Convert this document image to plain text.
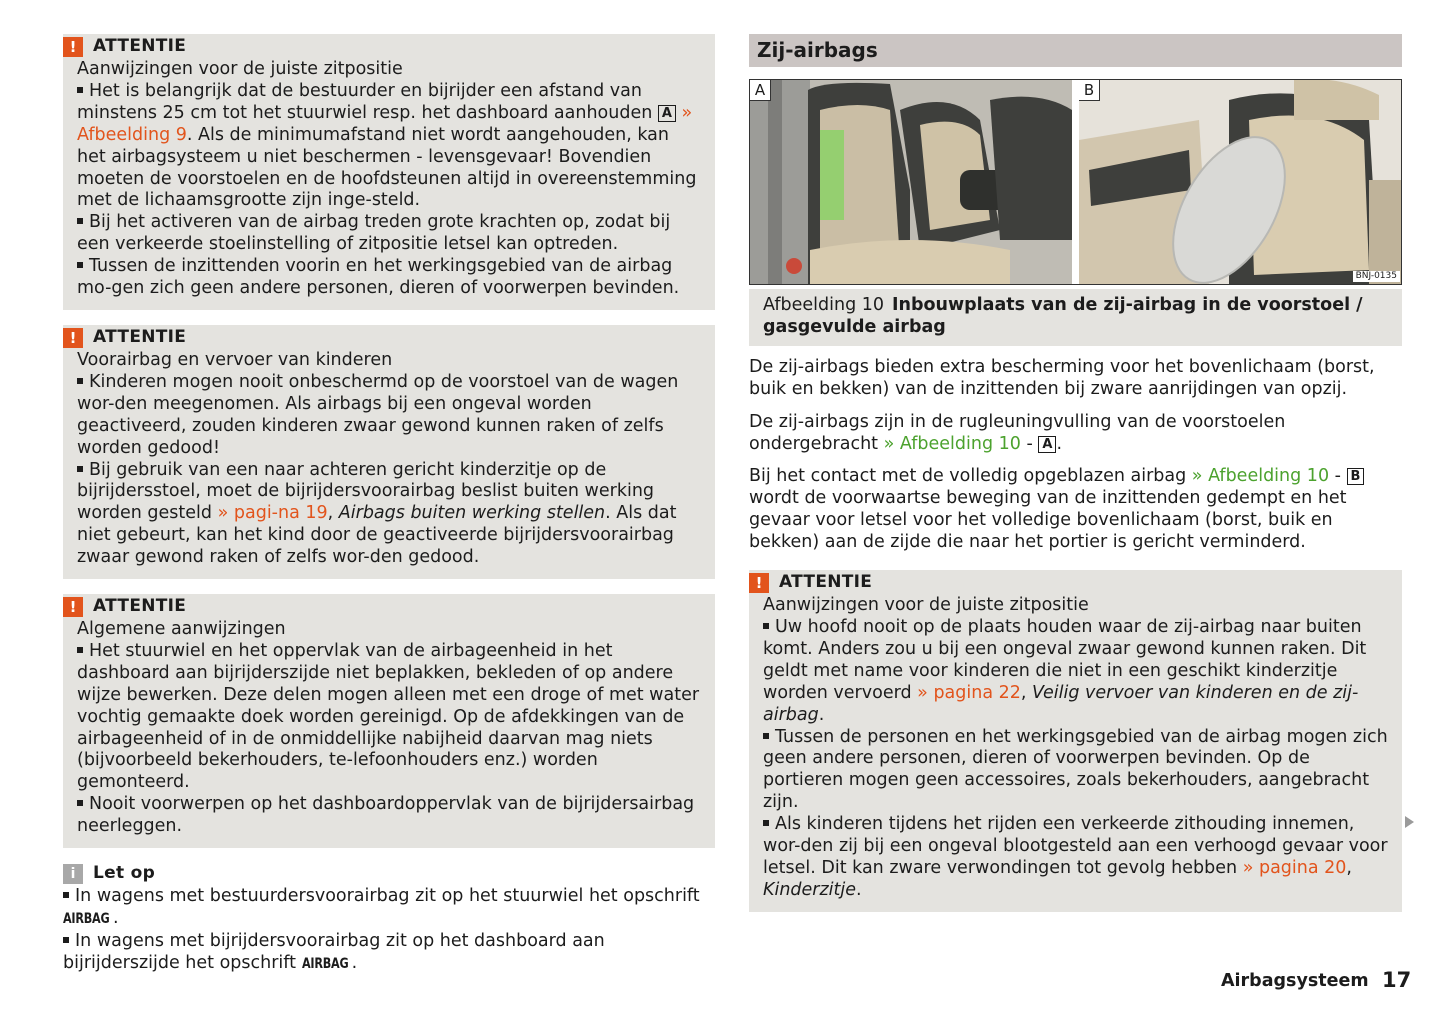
! ATTENTIE

Aanwijzingen voor de juiste zitpositie

Het is belangrijk dat de bestuurder en bijrijder een afstand van minstens 25 cm tot het stuurwiel resp. het dashboard aanhouden A » Afbeelding 9. Als de minimumafstand niet wordt aangehouden, kan het airbagsysteem u niet beschermen - levensgevaar! Bovendien moeten de voorstoelen en de hoofdsteunen altijd in overeenstemming met de lichaamsgrootte zijn inge-steld.

Bij het activeren van de airbag treden grote krachten op, zodat bij een verkeerde stoelinstelling of zitpositie letsel kan optreden.

Tussen de inzittenden voorin en het werkingsgebied van de airbag mo-gen zich geen andere personen, dieren of voorwerpen bevinden.

! ATTENTIE

Voorairbag en vervoer van kinderen

Kinderen mogen nooit onbeschermd op de voorstoel van de wagen wor-den meegenomen. Als airbags bij een ongeval worden geactiveerd, zouden kinderen zwaar gewond kunnen raken of zelfs worden gedood!

Bij gebruik van een naar achteren gericht kinderzitje op de bijrijdersstoel, moet de bijrijdersvoorairbag beslist buiten werking worden gesteld » pagi-na 19, Airbags buiten werking stellen. Als dat niet gebeurt, kan het kind door de geactiveerde bijrijdersvoorairbag zwaar gewond raken of zelfs wor-den gedood.

! ATTENTIE

Algemene aanwijzingen

Het stuurwiel en het oppervlak van de airbageenheid in het dashboard aan bijrijderszijde niet beplakken, bekleden of op andere wijze bewerken. Deze delen mogen alleen met een droge of met water vochtig gemaakte doek worden gereinigd. Op de afdekkingen van de airbageenheid of in de onmiddellijke nabijheid daarvan mag niets (bijvoorbeeld bekerhouders, te-lefoonhouders enz.) worden gemonteerd.

Nooit voorwerpen op het dashboardoppervlak van de bijrijdersairbag neerleggen.

i	Let op

In wagens met bestuurdersvoorairbag zit op het stuurwiel het opschrift AIRBAG .

In wagens met bijrijdersvoorairbag zit op het dashboard aan bijrijderszijde het opschrift AIRBAG .

Zij-airbags
A	B
BNJ-0135

Afbeelding 10 Inbouwplaats van de zij-airbag in de voorstoel / gasgevulde airbag

De zij-airbags bieden extra bescherming voor het bovenlichaam (borst, buik en bekken) van de inzittenden bij zware aanrijdingen van opzij.

De zij-airbags zijn in de rugleuningvulling van de voorstoelen ondergebracht » Afbeelding 10 - A .

Bij het contact met de volledig opgeblazen airbag » Afbeelding 10 - B wordt de voorwaartse beweging van de inzittenden gedempt en het gevaar voor letsel voor het volledige bovenlichaam (borst, buik en bekken) aan de zijde die naar het portier is gericht verminderd.

! ATTENTIE

Aanwijzingen voor de juiste zitpositie

Uw hoofd nooit op de plaats houden waar de zij-airbag naar buiten komt. Anders zou u bij een ongeval zwaar gewond kunnen raken. Dit geldt met name voor kinderen die niet in een geschikt kinderzitje worden vervoerd » pagina 22, Veilig vervoer van kinderen en de zij-airbag.

Tussen de personen en het werkingsgebied van de airbag mogen zich geen andere personen, dieren of voorwerpen bevinden. Op de portieren mogen geen accessoires, zoals bekerhouders, aangebracht zijn.

Als kinderen tijdens het rijden een verkeerde zithouding innemen, wor-den zij bij een ongeval blootgesteld aan een verhoogd gevaar voor letsel. Dit kan zware verwondingen tot gevolg hebben » pagina 20, Kinderzitje.

Airbagsysteem 17
